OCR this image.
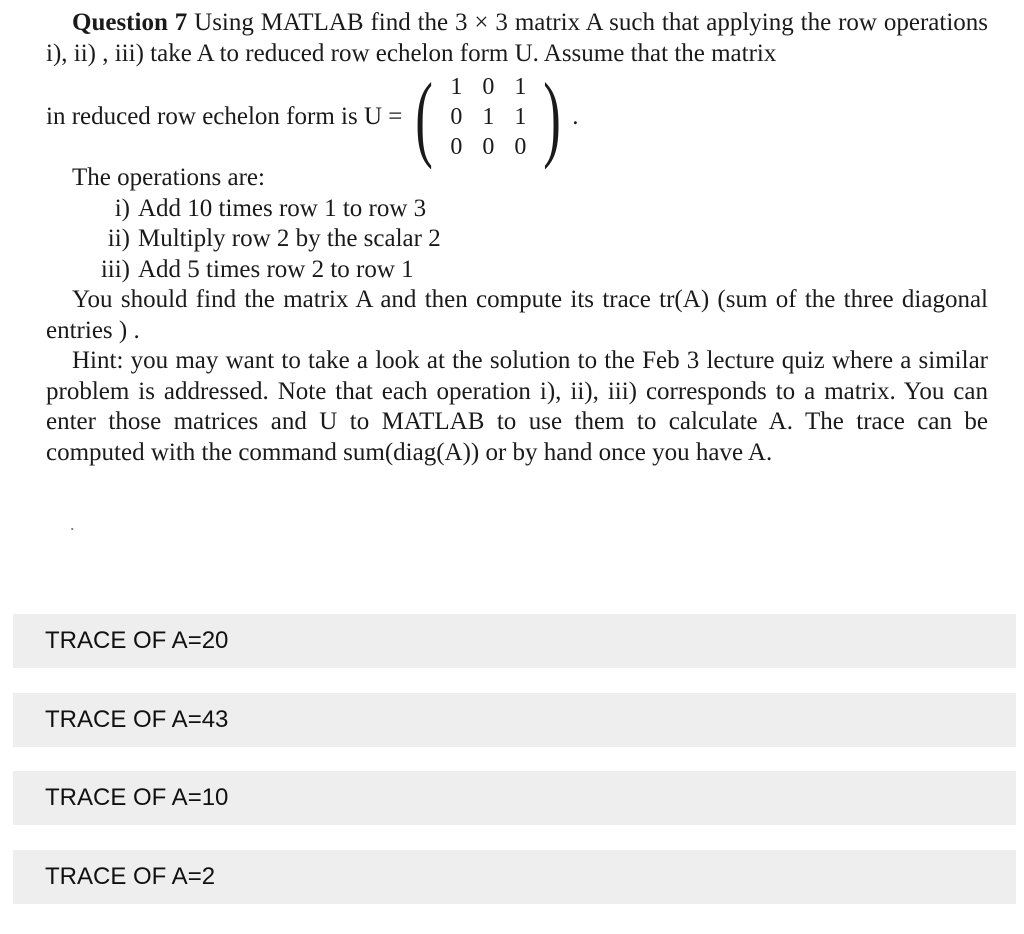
Question 7 Using MATLAB find the 3 × 3 matrix A such that applying the row operations i), ii) , iii) take A to reduced row echelon form U. Assume that the matrix

in reduced row echelon form is U = ( 1 0 1
0 1 1
0 0 0 ) .

The operations are:

i) Add 10 times row 1 to row 3
ii) Multiply row 2 by the scalar 2
iii) Add 5 times row 2 to row 1

You should find the matrix A and then compute its trace tr(A) (sum of the three diagonal entries ) .

Hint: you may want to take a look at the solution to the Feb 3 lecture quiz where a similar problem is addressed. Note that each operation i), ii), iii) corresponds to a matrix. You can enter those matrices and U to MATLAB to use them to calculate A. The trace can be computed with the command sum(diag(A)) or by hand once you have A.

.
TRACE OF A=20
TRACE OF A=43
TRACE OF A=10
TRACE OF A=2
